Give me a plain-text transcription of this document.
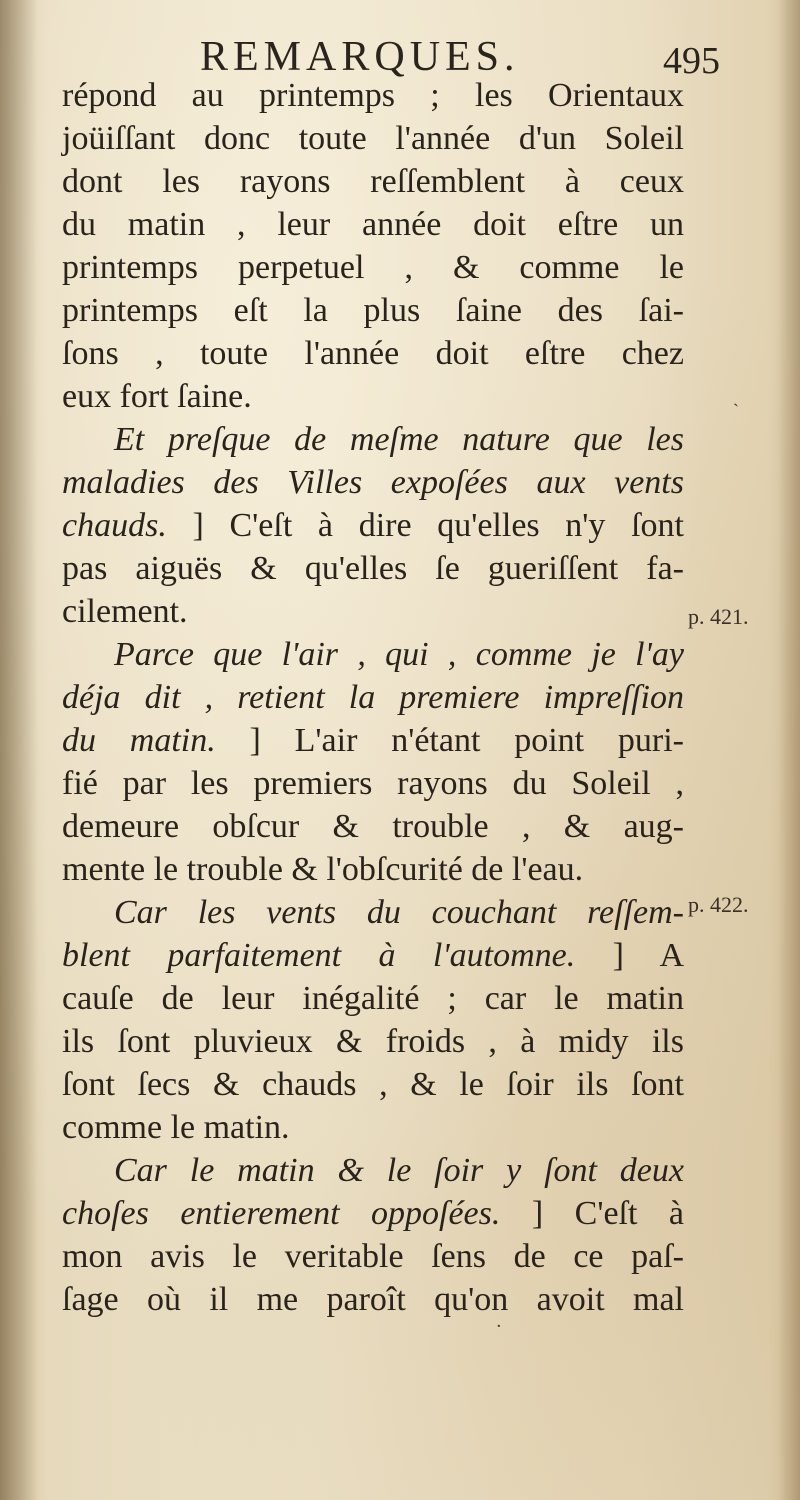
REMARQUES.	495
répond au printemps ; les Orientaux
joüiſſant donc toute l'année d'un Soleil
dont les rayons reſſemblent à ceux
du matin , leur année doit eſtre un
printemps perpetuel , & comme le
printemps eſt la plus ſaine des ſai-
ſons , toute l'année doit eſtre chez
eux fort ſaine.
Et preſque de meſme nature que les
maladies des Villes expoſées aux vents
chauds. ] C'eſt à dire qu'elles n'y ſont
pas aiguës & qu'elles ſe gueriſſent fa-
cilement.
Parce que l'air , qui , comme je l'ay
déja dit , retient la premiere impreſſion
du matin. ] L'air n'étant point puri-
fié par les premiers rayons du Soleil ,
demeure obſcur & trouble , & aug-
mente le trouble & l'obſcurité de l'eau.
Car les vents du couchant reſſem-
blent parfaitement à l'automne. ] A
cauſe de leur inégalité ; car le matin
ils ſont pluvieux & froids , à midy ils
ſont ſecs & chauds , & le ſoir ils ſont
comme le matin.
Car le matin & le ſoir y ſont deux
choſes entierement oppoſées. ] C'eſt à
mon avis le veritable ſens de ce paſ-
ſage où il me paroît qu'on avoit mal
p. 421.
p. 422.
˴
·
